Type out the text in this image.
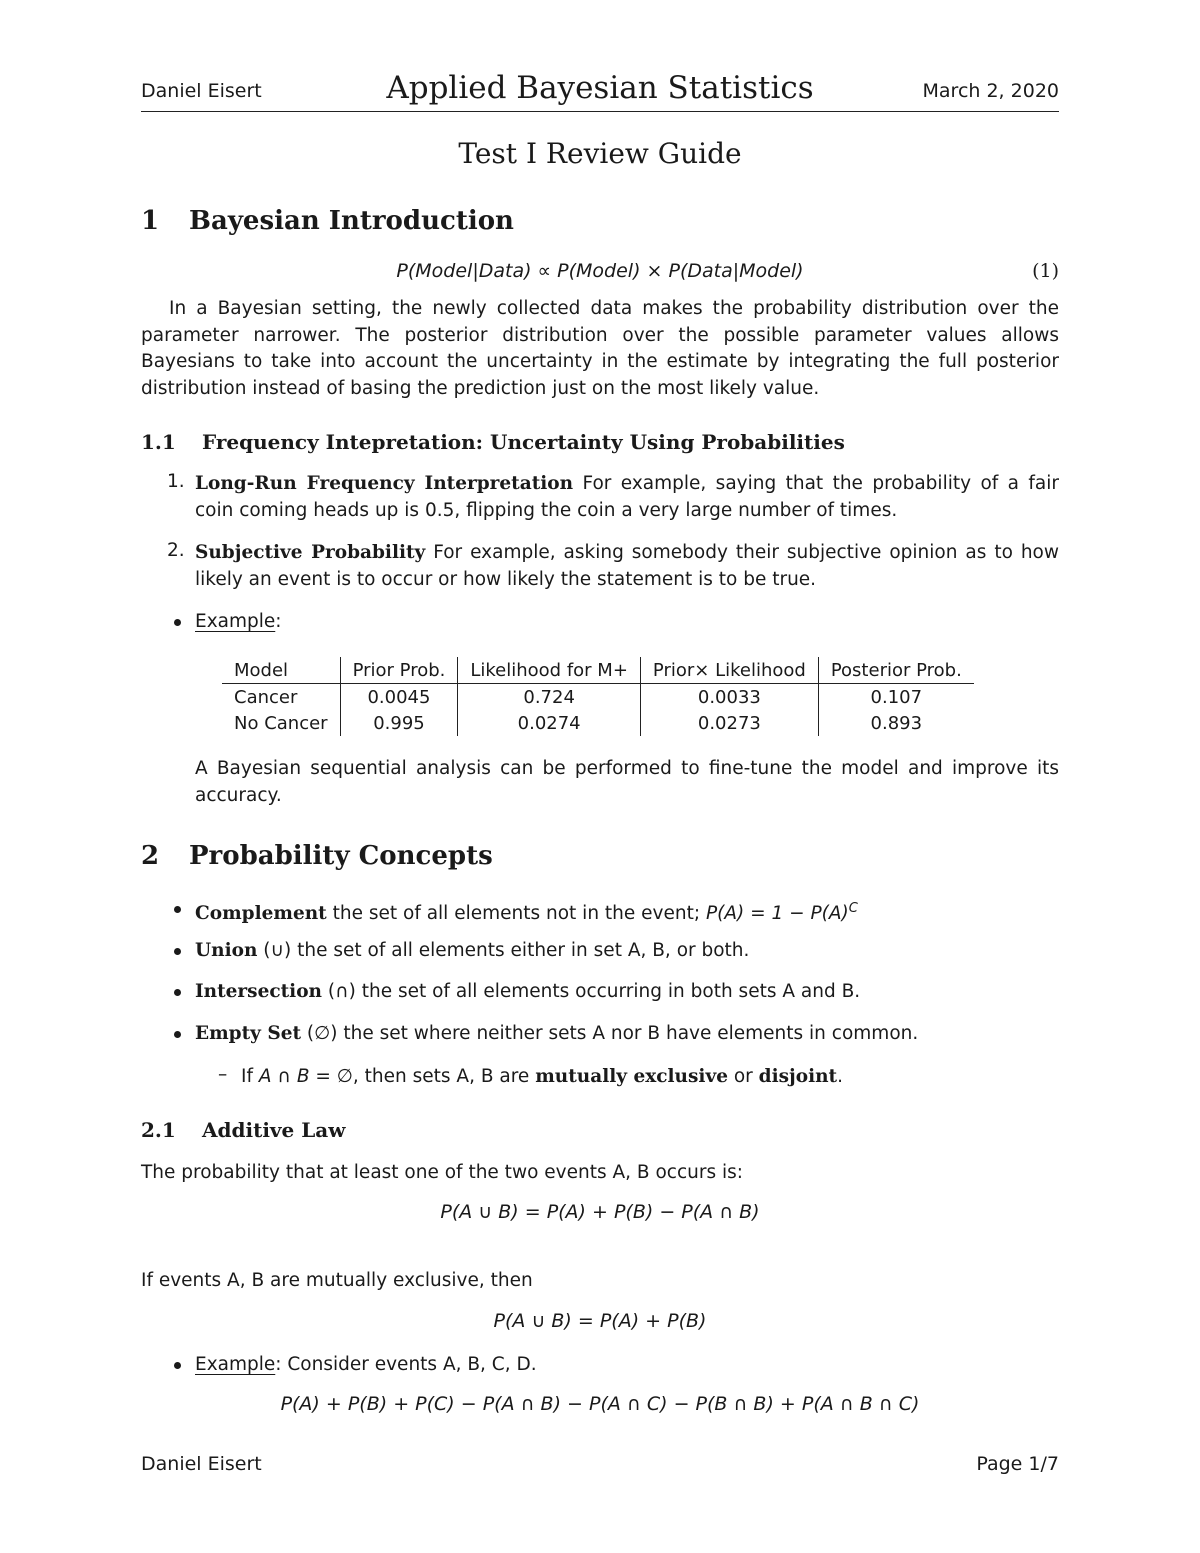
Daniel Eisert	Applied Bayesian Statistics	March 2, 2020
Test I Review Guide
1 Bayesian Introduction
P(Model|Data) ∝ P(Model) × P(Data|Model)	(1)

In a Bayesian setting, the newly collected data makes the probability distribution over the parameter narrower. The posterior distribution over the possible parameter values allows Bayesians to take into account the uncertainty in the estimate by integrating the full posterior distribution instead of basing the prediction just on the most likely value.

1.1 Frequency Intepretation: Uncertainty Using Probabilities
1. Long-Run Frequency Interpretation For example, saying that the probability of a fair coin coming heads up is 0.5, flipping the coin a very large number of times.
2. Subjective Probability For example, asking somebody their subjective opinion as to how likely an event is to occur or how likely the statement is to be true.
Example:
Model	Prior Prob.	Likelihood for M+	Prior× Likelihood	Posterior Prob.
Cancer	0.0045	0.724	0.0033	0.107
No Cancer	0.995	0.0274	0.0273	0.893
A Bayesian sequential analysis can be performed to fine-tune the model and improve its accuracy.
2 Probability Concepts
Complement the set of all elements not in the event; $P(A) = 1 - P(A)^C$
Union (∪) the set of all elements either in set A, B, or both.
Intersection (∩) the set of all elements occurring in both sets A and B.
Empty Set (∅) the set where neither sets A nor B have elements in common.
– If A ∩ B = ∅, then sets A, B are mutually exclusive or disjoint.
2.1 Additive Law

The probability that at least one of the two events A, B occurs is:

P(A ∪ B) = P(A) + P(B) − P(A ∩ B)

If events A, B are mutually exclusive, then

P(A ∪ B) = P(A) + P(B)
Example: Consider events A, B, C, D.
P(A) + P(B) + P(C) − P(A ∩ B) − P(A ∩ C) − P(B ∩ B) + P(A ∩ B ∩ C)
Daniel Eisert	Page 1/7
